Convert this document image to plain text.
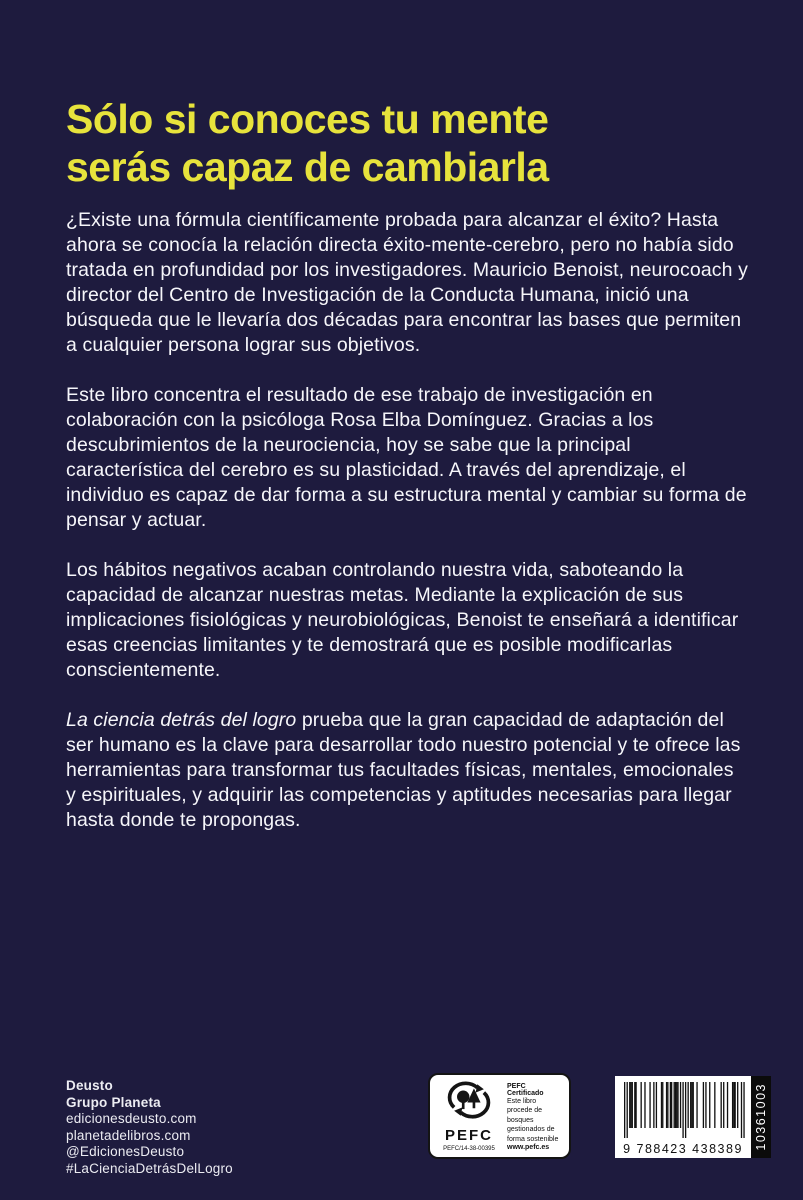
Sólo si conoces tu mente
serás capaz de cambiarla

¿Existe una fórmula científicamente probada para alcanzar el éxito? Hasta ahora se conocía la relación directa éxito-mente-cerebro, pero no había sido tratada en profundidad por los investigadores. Mauricio Benoist, neurocoach y director del Centro de Investigación de la Conducta Humana, inició una búsqueda que le llevaría dos décadas para encontrar las bases que permiten a cualquier persona lograr sus objetivos.

Este libro concentra el resultado de ese trabajo de investigación en colaboración con la psicóloga Rosa Elba Domínguez. Gracias a los descubrimientos de la neurociencia, hoy se sabe que la principal característica del cerebro es su plasticidad. A través del aprendizaje, el individuo es capaz de dar forma a su estructura mental y cambiar su forma de pensar y actuar.

Los hábitos negativos acaban controlando nuestra vida, saboteando la capacidad de alcanzar nuestras metas. Mediante la explicación de sus implicaciones fisiológicas y neurobiológicas, Benoist te enseñará a identificar esas creencias limitantes y te demostrará que es posible modificarlas conscientemente.

La ciencia detrás del logro prueba que la gran capacidad de adaptación del ser humano es la clave para desarrollar todo nuestro potencial y te ofrece las herramientas para transformar tus facultades físicas, mentales, emocionales y espirituales, y adquirir las competencias y aptitudes necesarias para llegar hasta donde te propongas.

Deusto
Grupo Planeta
edicionesdeusto.com
planetadelibros.com
@EdicionesDeusto
#LaCienciaDetrásDelLogro
PEFC
PEFC/14-38-00395
PEFC Certificado
Este libro procede de bosques gestionados de forma sostenible
www.pefc.es	9 788423 438389 10361003
